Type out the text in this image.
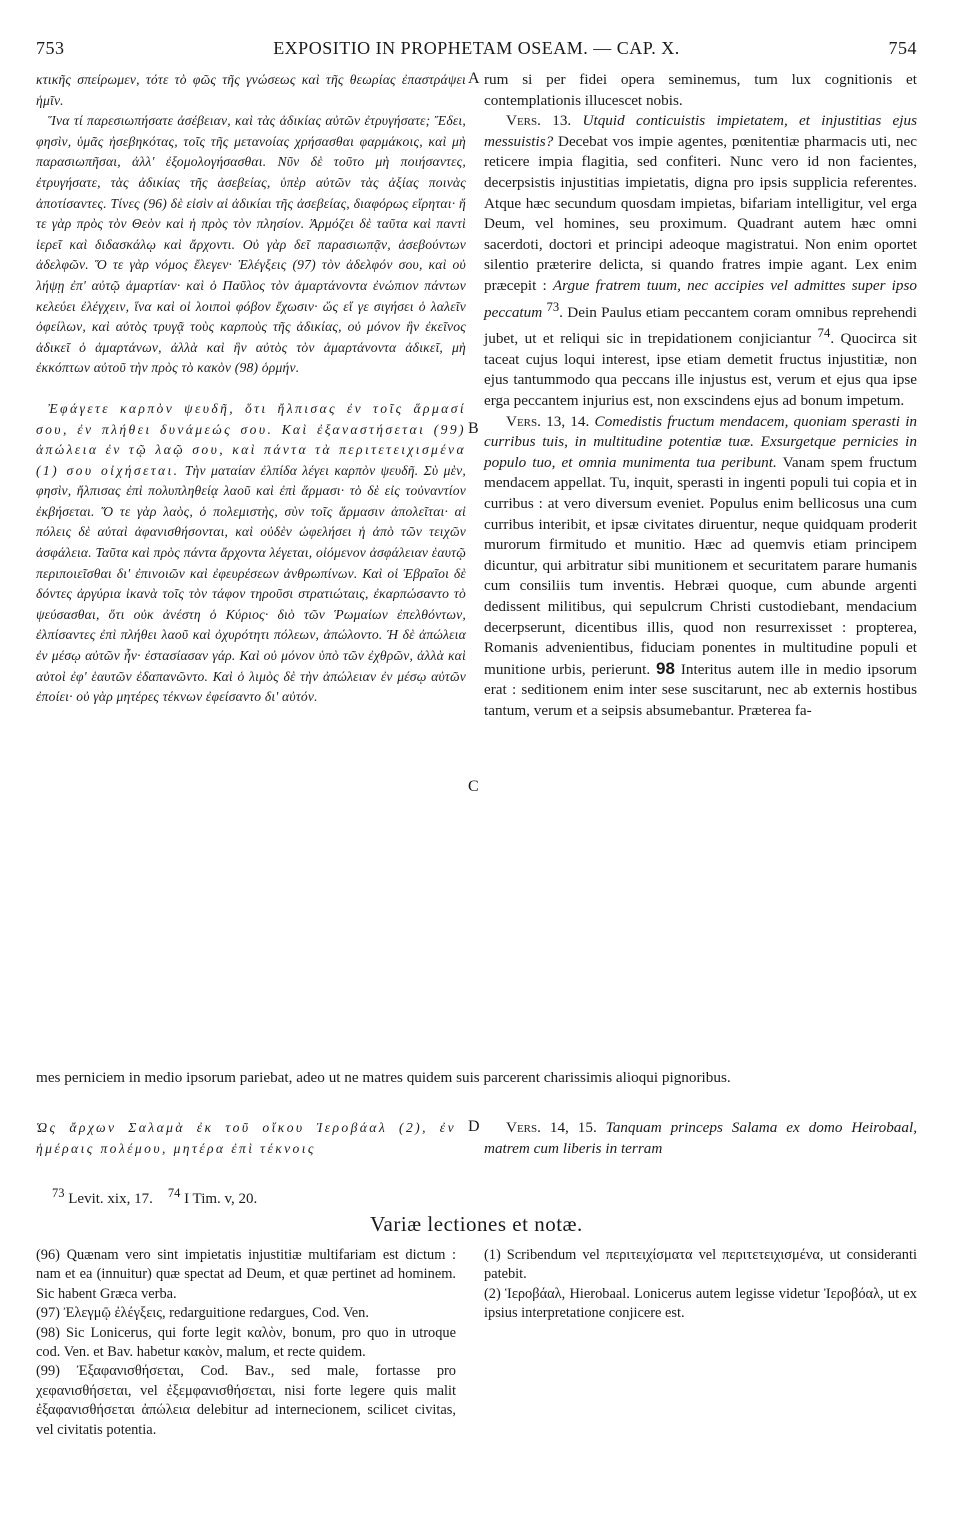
753	EXPOSITIO IN PROPHETAM OSEAM. — CAP. X.	754

κτικῆς σπείρωμεν, τότε τὸ φῶς τῆς γνώσεως καὶ τῆς θεωρίας ἐπαστράψει ἡμῖν.

Ἵνα τί παρεσιωπήσατε ἀσέβειαν, καὶ τὰς ἀδικίας αὐτῶν ἐτρυγήσατε; Ἔδει, φησὶν, ὑμᾶς ἠσεβηκότας, τοῖς τῆς μετανοίας χρήσασθαι φαρμάκοις, καὶ μὴ παρασιωπῆσαι, ἀλλ' ἐξομολογήσασθαι. Νῦν δὲ τοῦτο μὴ ποιήσαντες, ἐτρυγήσατε, τὰς ἀδικίας τῆς ἀσεβείας, ὑπὲρ αὐτῶν τὰς ἀξίας ποινὰς ἀποτίσαντες. Τίνες (96) δὲ εἰσὶν αἱ ἀδικίαι τῆς ἀσεβείας, διαφόρως εἴρηται· ἥ τε γὰρ πρὸς τὸν Θεὸν καὶ ἡ πρὸς τὸν πλησίον. Ἁρμόζει δὲ ταῦτα καὶ παντὶ ἱερεῖ καὶ διδασκάλῳ καὶ ἄρχοντι. Οὐ γὰρ δεῖ παρασιωπᾷν, ἀσεβούντων ἀδελφῶν. Ὅ τε γὰρ νόμος ἔλεγεν· Ἐλέγξεις (97) τὸν ἀδελφόν σου, καὶ οὐ λήψῃ ἐπ' αὐτῷ ἁμαρτίαν· καὶ ὁ Παῦλος τὸν ἁμαρτάνοντα ἐνώπιον πάντων κελεύει ἐλέγχειν, ἵνα καὶ οἱ λοιποὶ φόβον ἔχωσιν· ὥς εἴ γε σιγήσει ὁ λαλεῖν ὀφείλων, καὶ αὐτὸς τρυγᾷ τοὺς καρποὺς τῆς ἀδικίας, οὐ μόνον ἣν ἐκεῖνος ἀδικεῖ ὁ ἁμαρτάνων, ἀλλὰ καὶ ἣν αὐτὸς τὸν ἁμαρτάνοντα ἀδικεῖ, μὴ ἐκκόπτων αὐτοῦ τὴν πρὸς τὸ κακὸν (98) ὁρμήν.

Ἐφάγετε καρπὸν ψευδῆ, ὅτι ἤλπισας ἐν τοῖς ἅρμασί σου, ἐν πλήθει δυνάμεώς σου. Καὶ ἐξαναστήσεται (99) ἀπώλεια ἐν τῷ λαῷ σου, καὶ πάντα τὰ περιτετειχισμένα (1) σου οἰχήσεται. Τὴν ματαίαν ἐλπίδα λέγει καρπὸν ψευδῆ. Σὺ μὲν, φησὶν, ἤλπισας ἐπὶ πολυπληθείᾳ λαοῦ καὶ ἐπὶ ἅρμασι· τὸ δὲ εἰς τοὐναντίον ἐκβήσεται. Ὅ τε γὰρ λαὸς, ὁ πολεμιστὴς, σὺν τοῖς ἅρμασιν ἀπολεῖται· αἱ πόλεις δὲ αὐταὶ ἀφανισθήσονται, καὶ οὐδὲν ὠφελήσει ἡ ἀπὸ τῶν τειχῶν ἀσφάλεια. Ταῦτα καὶ πρὸς πάντα ἄρχοντα λέγεται, οἰόμενον ἀσφάλειαν ἑαυτῷ περιποιεῖσθαι δι' ἐπινοιῶν καὶ ἐφευρέσεων ἀνθρωπίνων. Καὶ οἱ Ἑβραῖοι δὲ δόντες ἀργύρια ἱκανὰ τοῖς τὸν τάφον τηροῦσι στρατιώταις, ἐκαρπώσαντο τὸ ψεύσασθαι, ὅτι οὐκ ἀνέστη ὁ Κύριος· διὸ τῶν Ῥωμαίων ἐπελθόντων, ἐλπίσαντες ἐπὶ πλήθει λαοῦ καὶ ὀχυρότητι πόλεων, ἀπώλοντο. Ἡ δὲ ἀπώλεια ἐν μέσῳ αὐτῶν ἦν· ἐστασίασαν γάρ. Καὶ οὐ μόνον ὑπὸ τῶν ἐχθρῶν, ἀλλὰ καὶ αὐτοὶ ἐφ' ἑαυτῶν ἐδαπανῶντο. Καὶ ὁ λιμὸς δὲ τὴν ἀπώλειαν ἐν μέσῳ αὐτῶν ἐποίει· οὐ γὰρ μητέρες τέκνων ἐφείσαντο δι' αὐτόν.

rum si per fidei opera seminemus, tum lux cognitionis et contemplationis illucescet nobis.

Vers. 13. Utquid conticuistis impietatem, et injustitias ejus messuistis? Decebat vos impie agentes, pœnitentiæ pharmacis uti, nec reticere impia flagitia, sed confiteri. Nunc vero id non facientes, decerpsistis injustitias impietatis, digna pro ipsis supplicia referentes. Atque hæc secundum quosdam impietas, bifariam intelligitur, vel erga Deum, vel homines, seu proximum. Quadrant autem hæc omni sacerdoti, doctori et principi adeoque magistratui. Non enim oportet silentio præterire delicta, si quando fratres impie agant. Lex enim præcepit : Argue fratrem tuum, nec accipies vel admittes super ipso peccatum $^{73}$. Dein Paulus etiam peccantem coram omnibus reprehendi jubet, ut et reliqui sic in trepidationem conjiciantur $^{74}$. Quocirca sit taceat cujus loqui interest, ipse etiam demetit fructus injustitiæ, non ejus tantummodo qua peccans ille injustus est, verum et ejus qua ipse erga peccantem injurius est, non exscindens ejus ad bonum impetum.

Vers. 13, 14. Comedistis fructum mendacem, quoniam sperasti in curribus tuis, in multitudine potentiæ tuæ. Exsurgetque pernicies in populo tuo, et omnia munimenta tua peribunt. Vanam spem fructum mendacem appellat. Tu, inquit, sperasti in ingenti populi tui copia et in curribus : at vero diversum eveniet. Populus enim bellicosus una cum curribus interibit, et ipsæ civitates diruentur, neque quidquam proderit murorum firmitudo et munitio. Hæc ad quemvis etiam principem dicuntur, qui arbitratur sibi munitionem et securitatem parare humanis cum consiliis tum inventis. Hebræi quoque, cum abunde argenti dedissent militibus, qui sepulcrum Christi custodiebant, mendacium decerpserunt, dicentibus illis, quod non resurrexisset : propterea, Romanis advenientibus, fiduciam ponentes in multitudine populi et munitione urbis, perierunt. 98 Interitus autem ille in medio ipsorum erat : seditionem enim inter sese suscitarunt, nec ab externis hostibus tantum, verum et a seipsis absumebantur. Præterea fa-

A
B
C
D
mes perniciem in medio ipsorum pariebat, adeo ut ne matres quidem suis parcerent charissimis alioqui pignoribus.

Ὡς ἄρχων Σαλαμὰ ἐκ τοῦ οἴκου Ἰεροβάαλ (2), ἐν ἡμέραις πολέμου, μητέρα ἐπὶ τέκνοις

Vers. 14, 15. Tanquam princeps Salama ex domo Heirobaal, matrem cum liberis in terram

$^{73}$ Levit. xix, 17. $^{74}$ I Tim. v, 20.
Variæ lectiones et notæ.

(96) Quænam vero sint impietatis injustitiæ multifariam est dictum : nam et ea (innuitur) quæ spectat ad Deum, et quæ pertinet ad hominem. Sic habent Græca verba.

(97) Ἐλεγμῷ ἐλέγξεις, redarguitione redargues, Cod. Ven.

(98) Sic Lonicerus, qui forte legit καλὸν, bonum, pro quo in utroque cod. Ven. et Bav. habetur κακὸν, malum, et recte quidem.

(99) Ἐξαφανισθήσεται, Cod. Bav., sed male, fortasse pro χεφανισθήσεται, vel ἐξεμφανισθήσεται, nisi forte legere quis malit ἐξαφανισθήσεται ἀπώλεια delebitur ad internecionem, scilicet civitas, vel civitatis potentia.

(1) Scribendum vel περιτειχίσματα vel περιτετειχισμένα, ut consideranti patebit.

(2) Ἱεροβάαλ, Hierobaal. Lonicerus autem legisse videtur Ἰεροβόαλ, ut ex ipsius interpretatione conjicere est.
